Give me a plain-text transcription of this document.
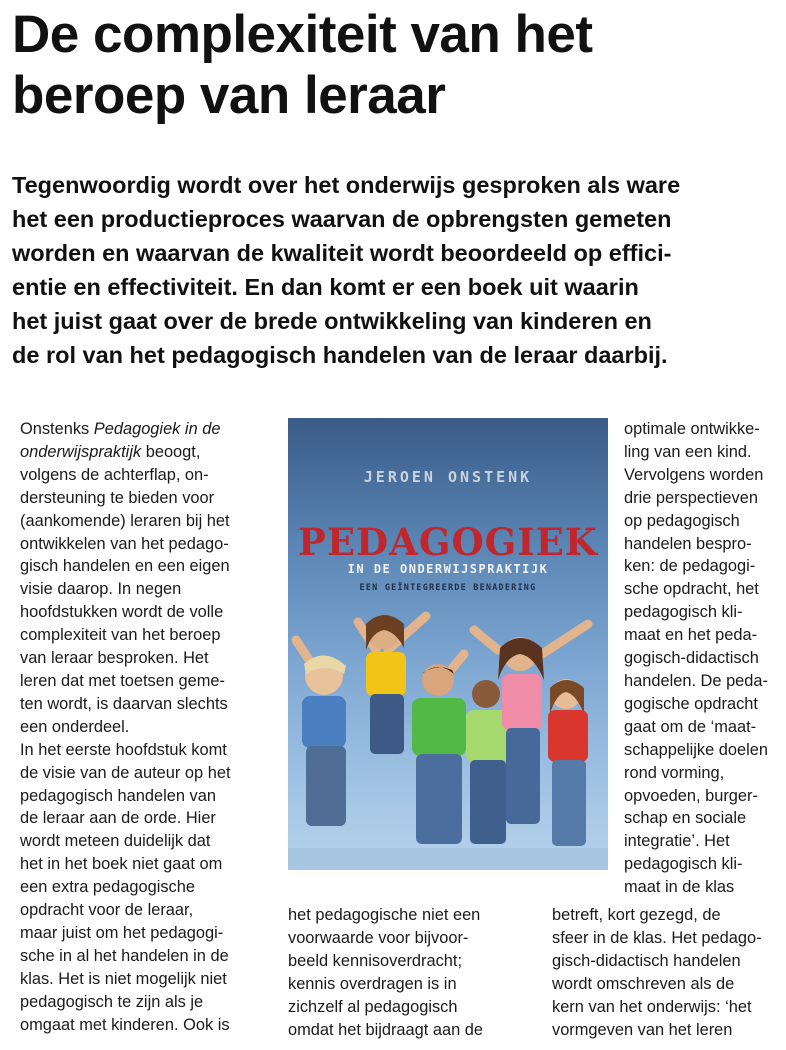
De complexiteit van het
beroep van leraar
Tegenwoordig wordt over het onderwijs gesproken als ware
het een productieproces waarvan de opbrengsten gemeten
worden en waarvan de kwaliteit wordt beoordeeld op effici-
entie en effectiviteit. En dan komt er een boek uit waarin
het juist gaat over de brede ontwikkeling van kinderen en
de rol van het pedagogisch handelen van de leraar daarbij.
Onstenks Pedagogiek in de
onderwijspraktijk beoogt,
volgens de achterflap, on-
dersteuning te bieden voor
(aankomende) leraren bij het
ontwikkelen van het pedago-
gisch handelen en een eigen
visie daarop. In negen
hoofdstukken wordt de volle
complexiteit van het beroep
van leraar besproken. Het
leren dat met toetsen geme-
ten wordt, is daarvan slechts
een onderdeel.
In het eerste hoofdstuk komt
de visie van de auteur op het
pedagogisch handelen van
de leraar aan de orde. Hier
wordt meteen duidelijk dat
het in het boek niet gaat om
een extra pedagogische
opdracht voor de leraar,
maar juist om het pedagogi-
sche in al het handelen in de
klas. Het is niet mogelijk niet
pedagogisch te zijn als je
omgaat met kinderen. Ook is
JEROEN ONSTENK
PEDAGOGIEK
IN DE ONDERWIJSPRAKTIJK
EEN GEÏNTEGREERDE BENADERING
optimale ontwikke-
ling van een kind.
Vervolgens worden
drie perspectieven
op pedagogisch
handelen bespro-
ken: de pedagogi-
sche opdracht, het
pedagogisch kli-
maat en het peda-
gogisch-didactisch
handelen. De peda-
gogische opdracht
gaat om de ‘maat-
schappelijke doelen
rond vorming,
opvoeden, burger-
schap en sociale
integratie’. Het
pedagogisch kli-
maat in de klas
het pedagogische niet een
voorwaarde voor bijvoor-
beeld kennisoverdracht;
kennis overdragen is in
zichzelf al pedagogisch
omdat het bijdraagt aan de
betreft, kort gezegd, de
sfeer in de klas. Het pedago-
gisch-didactisch handelen
wordt omschreven als de
kern van het onderwijs: ‘het
vormgeven van het leren
